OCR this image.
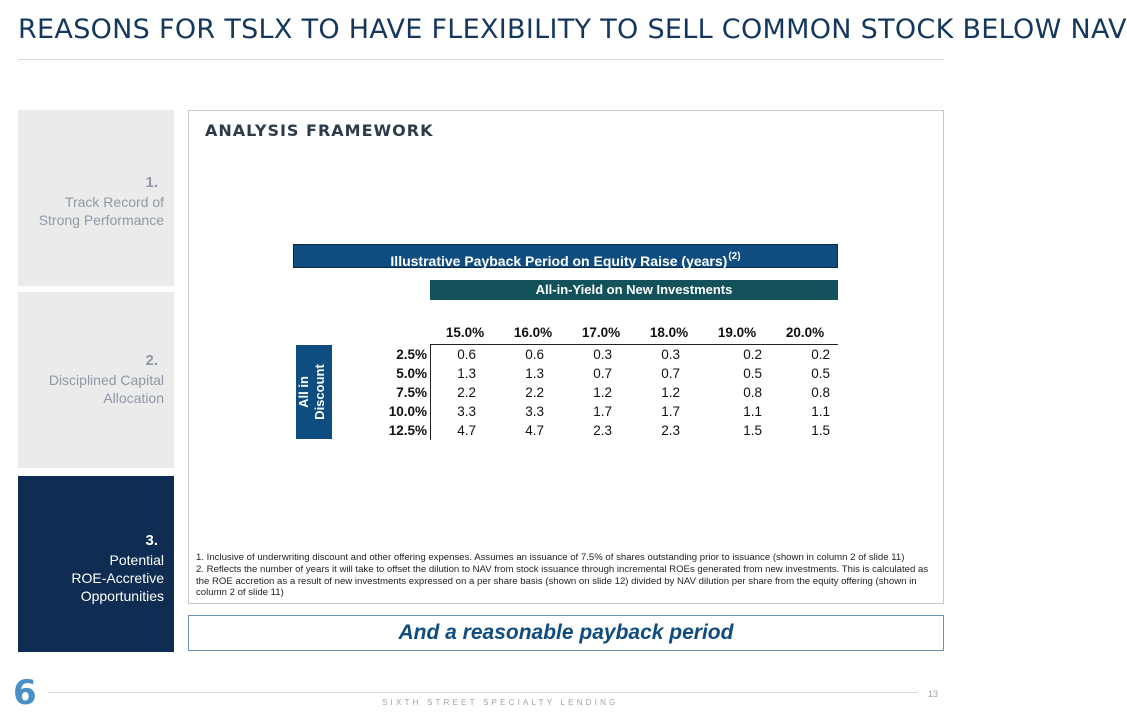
REASONS FOR TSLX TO HAVE FLEXIBILITY TO SELL COMMON STOCK BELOW NAV
1.
Track Record of
Strong Performance
2.
Disciplined Capital
Allocation
3.
Potential
ROE-Accretive
Opportunities
ANALYSIS FRAMEWORK
Illustrative Payback Period on Equity Raise (years)$^{(2)}$
All-in-Yield on New Investments
15.0%	16.0%	17.0%	18.0%	19.0%	20.0%
All in Discount to NAV $^{(1)}$
2.5%	0.6	0.6	0.3	0.3	0.2	0.2
5.0%	1.3	1.3	0.7	0.7	0.5	0.5
7.5%	2.2	2.2	1.2	1.2	0.8	0.8
10.0%	3.3	3.3	1.7	1.7	1.1	1.1
12.5%	4.7	4.7	2.3	2.3	1.5	1.5
1. Inclusive of underwriting discount and other offering expenses. Assumes an issuance of 7.5% of shares outstanding prior to issuance (shown in column 2 of slide 11)
2. Reflects the number of years it will take to offset the dilution to NAV from stock issuance through incremental ROEs generated from new investments. This is calculated as the ROE accretion as a result of new investments expressed on a per share basis (shown on slide 12) divided by NAV dilution per share from the equity offering (shown in column 2 of slide 11)
And a reasonable payback period
6	SIXTH STREET SPECIALTY LENDING
13
